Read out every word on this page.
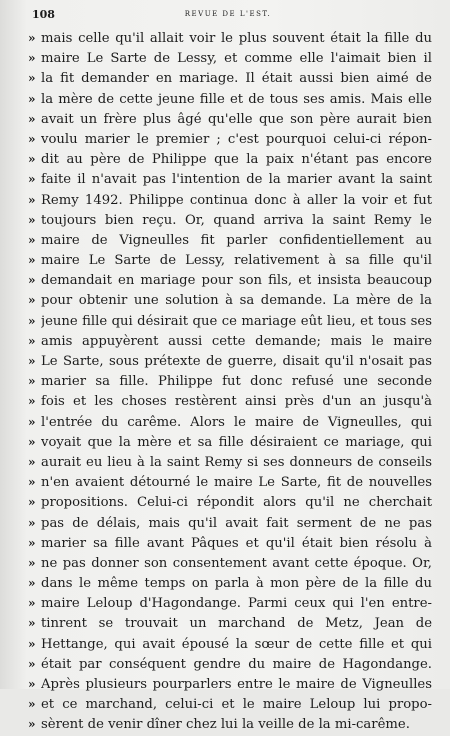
108	REVUE DE L'EST.
» mais celle qu'il allait voir le plus souvent était la fille du
» maire Le Sarte de Lessy, et comme elle l'aimait bien il
» la fit demander en mariage. Il était aussi bien aimé de
» la mère de cette jeune fille et de tous ses amis. Mais elle
» avait un frère plus âgé qu'elle que son père aurait bien
» voulu marier le premier ; c'est pourquoi celui-ci répon-
» dit au père de Philippe que la paix n'étant pas encore
» faite il n'avait pas l'intention de la marier avant la saint
» Remy 1492. Philippe continua donc à aller la voir et fut
» toujours bien reçu. Or, quand arriva la saint Remy le
» maire de Vigneulles fit parler confidentiellement au
» maire Le Sarte de Lessy, relativement à sa fille qu'il
» demandait en mariage pour son fils, et insista beaucoup
» pour obtenir une solution à sa demande. La mère de la
» jeune fille qui désirait que ce mariage eût lieu, et tous ses
» amis appuyèrent aussi cette demande; mais le maire
» Le Sarte, sous prétexte de guerre, disait qu'il n'osait pas
» marier sa fille. Philippe fut donc refusé une seconde
» fois et les choses restèrent ainsi près d'un an jusqu'à
» l'entrée du carême. Alors le maire de Vigneulles, qui
» voyait que la mère et sa fille désiraient ce mariage, qui
» aurait eu lieu à la saint Remy si ses donneurs de conseils
» n'en avaient détourné le maire Le Sarte, fit de nouvelles
» propositions. Celui-ci répondit alors qu'il ne cherchait
» pas de délais, mais qu'il avait fait serment de ne pas
» marier sa fille avant Pâques et qu'il était bien résolu à
» ne pas donner son consentement avant cette époque. Or,
» dans le même temps on parla à mon père de la fille du
» maire Leloup d'Hagondange. Parmi ceux qui l'en entre-
» tinrent se trouvait un marchand de Metz, Jean de
» Hettange, qui avait épousé la sœur de cette fille et qui
» était par conséquent gendre du maire de Hagondange.
» Après plusieurs pourparlers entre le maire de Vigneulles
» et ce marchand, celui-ci et le maire Leloup lui propo-
» sèrent de venir dîner chez lui la veille de la mi-carême.
